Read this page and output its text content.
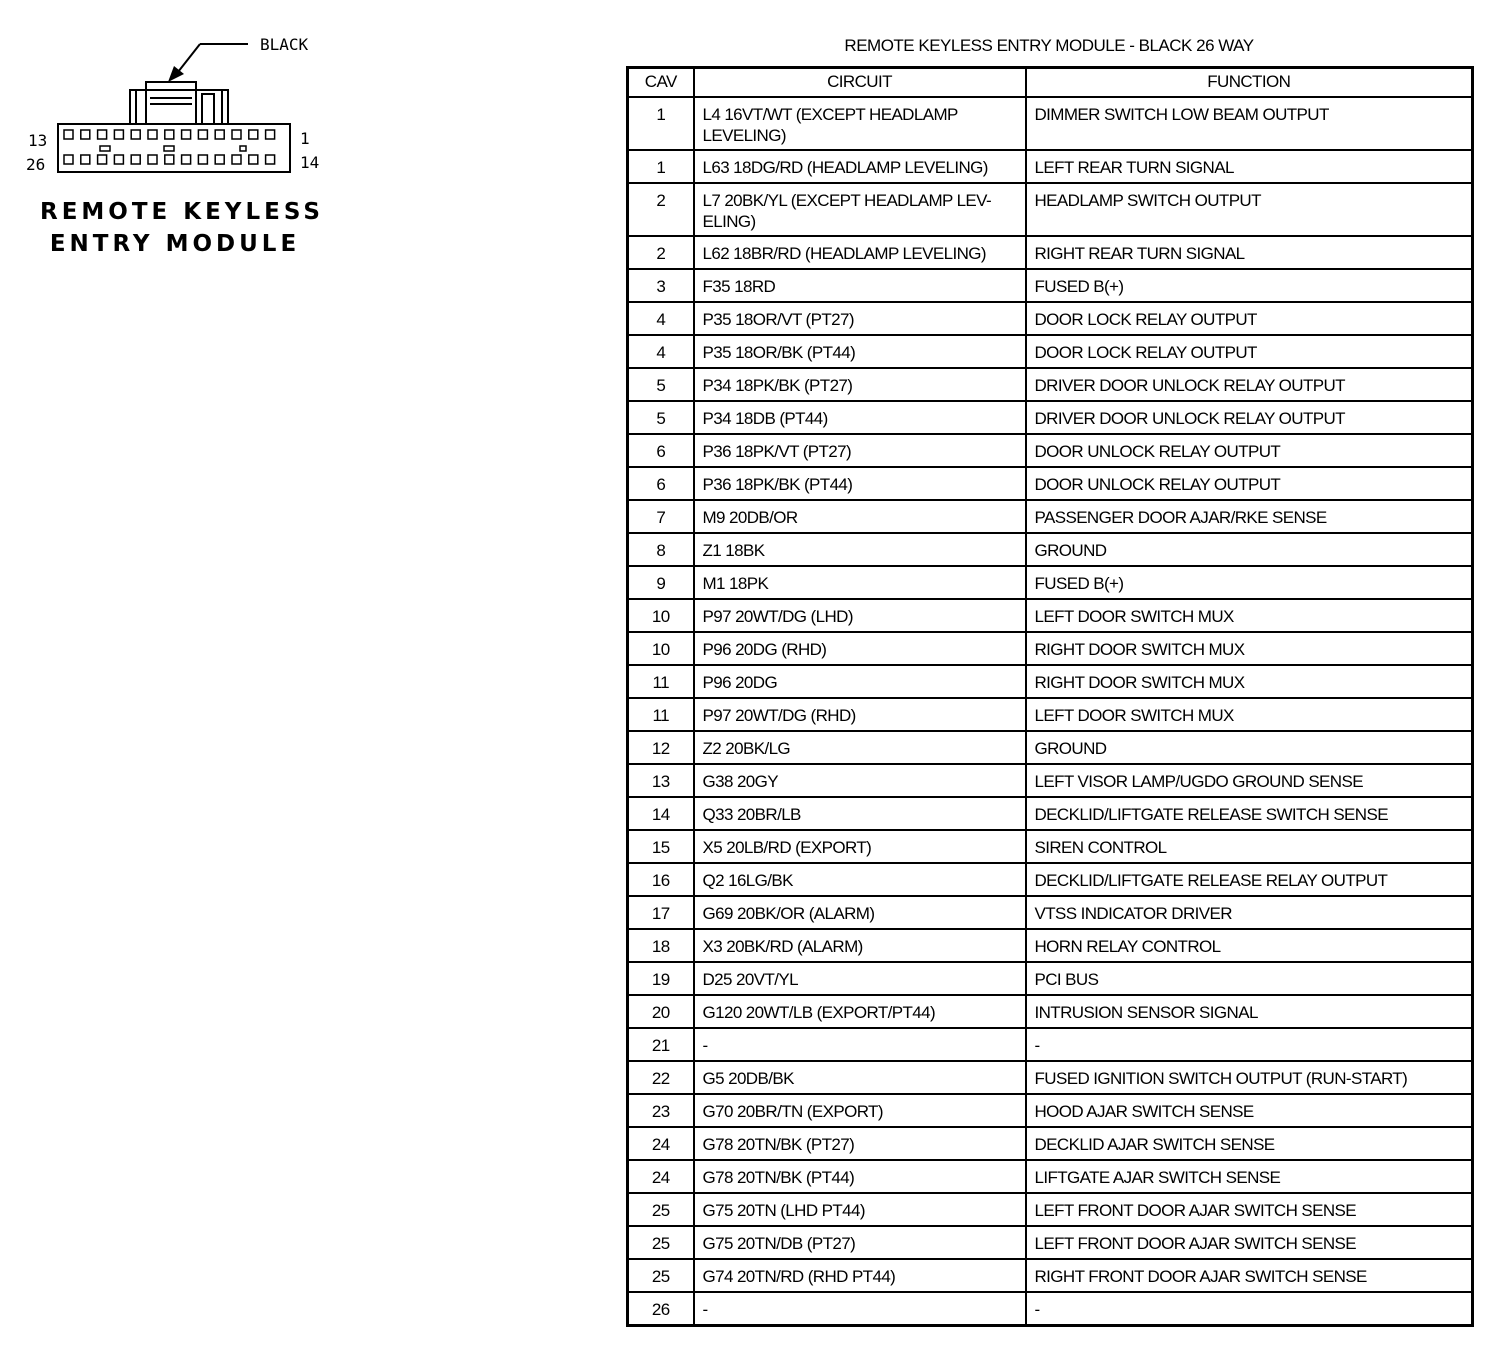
BLACK
13	1
26	14
REMOTE KEYLESS
ENTRY MODULE
REMOTE KEYLESS ENTRY MODULE - BLACK 26 WAY
CAV	CIRCUIT	FUNCTION
1	L4 16VT/WT (EXCEPT HEADLAMP LEVELING)	DIMMER SWITCH LOW BEAM OUTPUT
1	L63 18DG/RD (HEADLAMP LEVELING)	LEFT REAR TURN SIGNAL
2	L7 20BK/YL (EXCEPT HEADLAMP LEV-ELING)	HEADLAMP SWITCH OUTPUT
2	L62 18BR/RD (HEADLAMP LEVELING)	RIGHT REAR TURN SIGNAL
3	F35 18RD	FUSED B(+)
4	P35 18OR/VT (PT27)	DOOR LOCK RELAY OUTPUT
4	P35 18OR/BK (PT44)	DOOR LOCK RELAY OUTPUT
5	P34 18PK/BK (PT27)	DRIVER DOOR UNLOCK RELAY OUTPUT
5	P34 18DB (PT44)	DRIVER DOOR UNLOCK RELAY OUTPUT
6	P36 18PK/VT (PT27)	DOOR UNLOCK RELAY OUTPUT
6	P36 18PK/BK (PT44)	DOOR UNLOCK RELAY OUTPUT
7	M9 20DB/OR	PASSENGER DOOR AJAR/RKE SENSE
8	Z1 18BK	GROUND
9	M1 18PK	FUSED B(+)
10	P97 20WT/DG (LHD)	LEFT DOOR SWITCH MUX
10	P96 20DG (RHD)	RIGHT DOOR SWITCH MUX
11	P96 20DG	RIGHT DOOR SWITCH MUX
11	P97 20WT/DG (RHD)	LEFT DOOR SWITCH MUX
12	Z2 20BK/LG	GROUND
13	G38 20GY	LEFT VISOR LAMP/UGDO GROUND SENSE
14	Q33 20BR/LB	DECKLID/LIFTGATE RELEASE SWITCH SENSE
15	X5 20LB/RD (EXPORT)	SIREN CONTROL
16	Q2 16LG/BK	DECKLID/LIFTGATE RELEASE RELAY OUTPUT
17	G69 20BK/OR (ALARM)	VTSS INDICATOR DRIVER
18	X3 20BK/RD (ALARM)	HORN RELAY CONTROL
19	D25 20VT/YL	PCI BUS
20	G120 20WT/LB (EXPORT/PT44)	INTRUSION SENSOR SIGNAL
21	-	-
22	G5 20DB/BK	FUSED IGNITION SWITCH OUTPUT (RUN-START)
23	G70 20BR/TN (EXPORT)	HOOD AJAR SWITCH SENSE
24	G78 20TN/BK (PT27)	DECKLID AJAR SWITCH SENSE
24	G78 20TN/BK (PT44)	LIFTGATE AJAR SWITCH SENSE
25	G75 20TN (LHD PT44)	LEFT FRONT DOOR AJAR SWITCH SENSE
25	G75 20TN/DB (PT27)	LEFT FRONT DOOR AJAR SWITCH SENSE
25	G74 20TN/RD (RHD PT44)	RIGHT FRONT DOOR AJAR SWITCH SENSE
26	-	-
